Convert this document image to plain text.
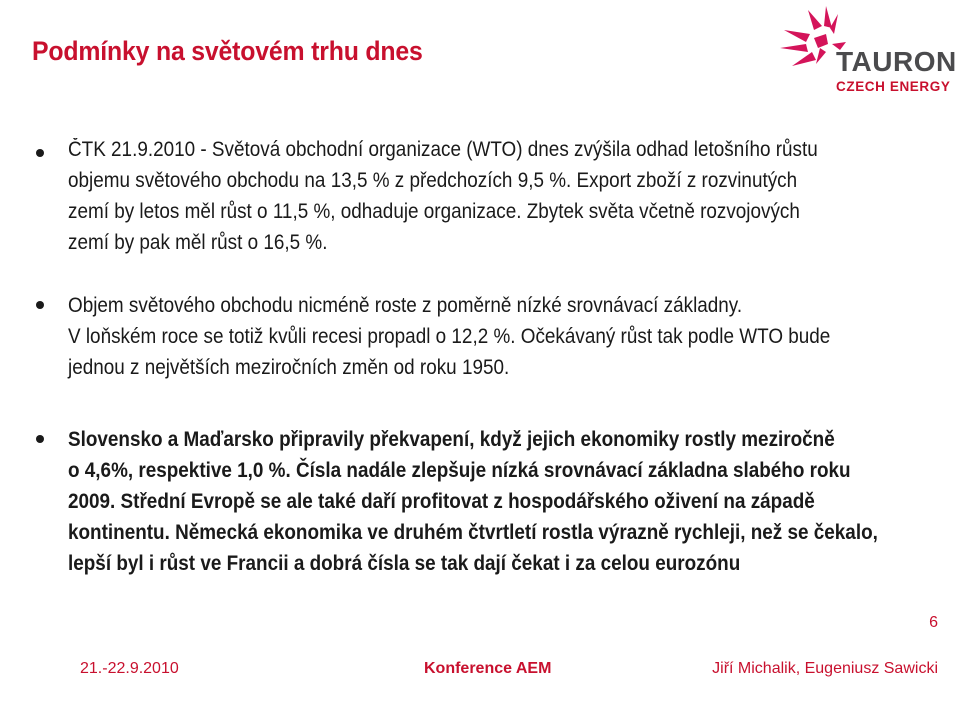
Podmínky na světovém trhu dnes	TAURON
CZECH ENERGY
ČTK 21.9.2010 - Světová obchodní organizace (WTO) dnes zvýšila odhad letošního růstu
objemu světového obchodu na 13,5 % z předchozích 9,5 %. Export zboží z rozvinutých
zemí by letos měl růst o 11,5 %, odhaduje organizace. Zbytek světa včetně rozvojových
zemí by pak měl růst o 16,5 %.
Objem světového obchodu nicméně roste z poměrně nízké srovnávací základny.
V loňském roce se totiž kvůli recesi propadl o 12,2 %. Očekávaný růst tak podle WTO bude
jednou z největších meziročních změn od roku 1950.
Slovensko a Maďarsko připravily překvapení, když jejich ekonomiky rostly meziročně
o 4,6%, respektive 1,0 %. Čísla nadále zlepšuje nízká srovnávací základna slabého roku
2009. Střední Evropě se ale také daří profitovat z hospodářského oživení na západě
kontinentu. Německá ekonomika ve druhém čtvrtletí rostla výrazně rychleji, než se čekalo,
lepší byl i růst ve Francii a dobrá čísla se tak dají čekat i za celou eurozónu
6
21.-22.9.2010	Konference AEM	Jiří Michalik, Eugeniusz Sawicki
